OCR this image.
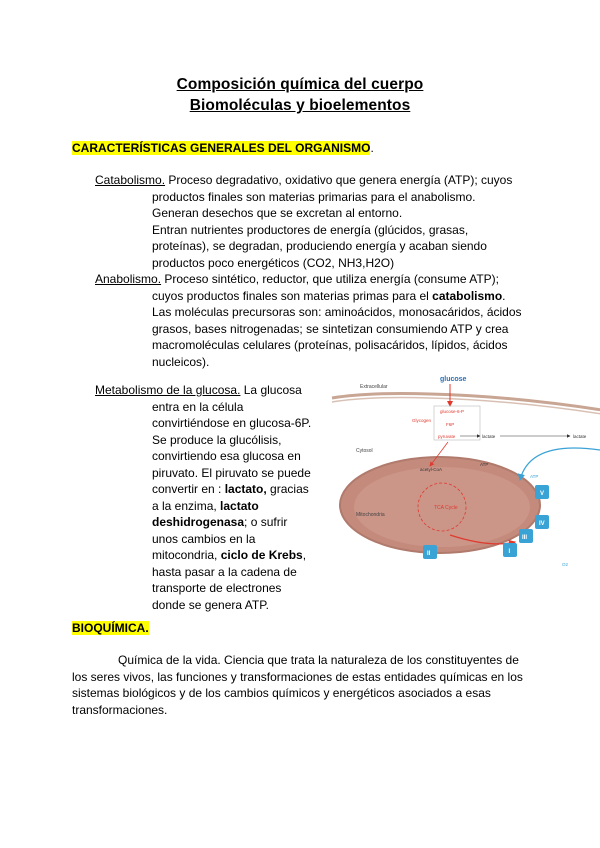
Composición química del cuerpo
Biomoléculas y bioelementos
CARACTERÍSTICAS GENERALES DEL ORGANISMO.
Catabolismo. Proceso degradativo, oxidativo que genera energía (ATP); cuyos
productos finales son materias primarias para el anabolismo.
Generan desechos que se excretan al entorno.
Entran nutrientes productores de energía (glúcidos, grasas,
proteínas), se degradan, produciendo energía y acaban siendo
productos poco energéticos (CO2, NH3,H2O)
Anabolismo. Proceso sintético, reductor, que utiliza energía (consume ATP);
cuyos productos finales son materias primas para el catabolismo.
Las moléculas precursoras son: aminoácidos, monosacáridos, ácidos
grasos, bases nitrogenadas; se sintetizan consumiendo ATP y crea
macromoléculas celulares (proteínas, polisacáridos, lípidos, ácidos
nucleicos).
Metabolismo de la glucosa. La glucosa
entra en la célula
convirtiéndose en glucosa-6P.
Se produce la glucólisis,
convirtiendo esa glucosa en
piruvato. El piruvato se puede
convertir en : lactato, gracias
a la enzima, lactato
deshidrogenasa; o sufrir
unos cambios en la
mitocondria, ciclo de Krebs,
hasta pasar a la cadena de
transporte de electrones
donde se genera ATP.
Extracellular
glucose
Cytosol
glucose-6-P
Glycogen
F6P
pyruvate	lactate	lactate
Mitochondria
acetyl-CoA
TCA Cycle
ATP
O2
V
IV
III
I
II
ATP
BIOQUÍMICA.
Química de la vida. Ciencia que trata la naturaleza de los constituyentes de
los seres vivos, las funciones y transformaciones de estas entidades químicas en los
sistemas biológicos y de los cambios químicos y energéticos asociados a esas
transformaciones.
